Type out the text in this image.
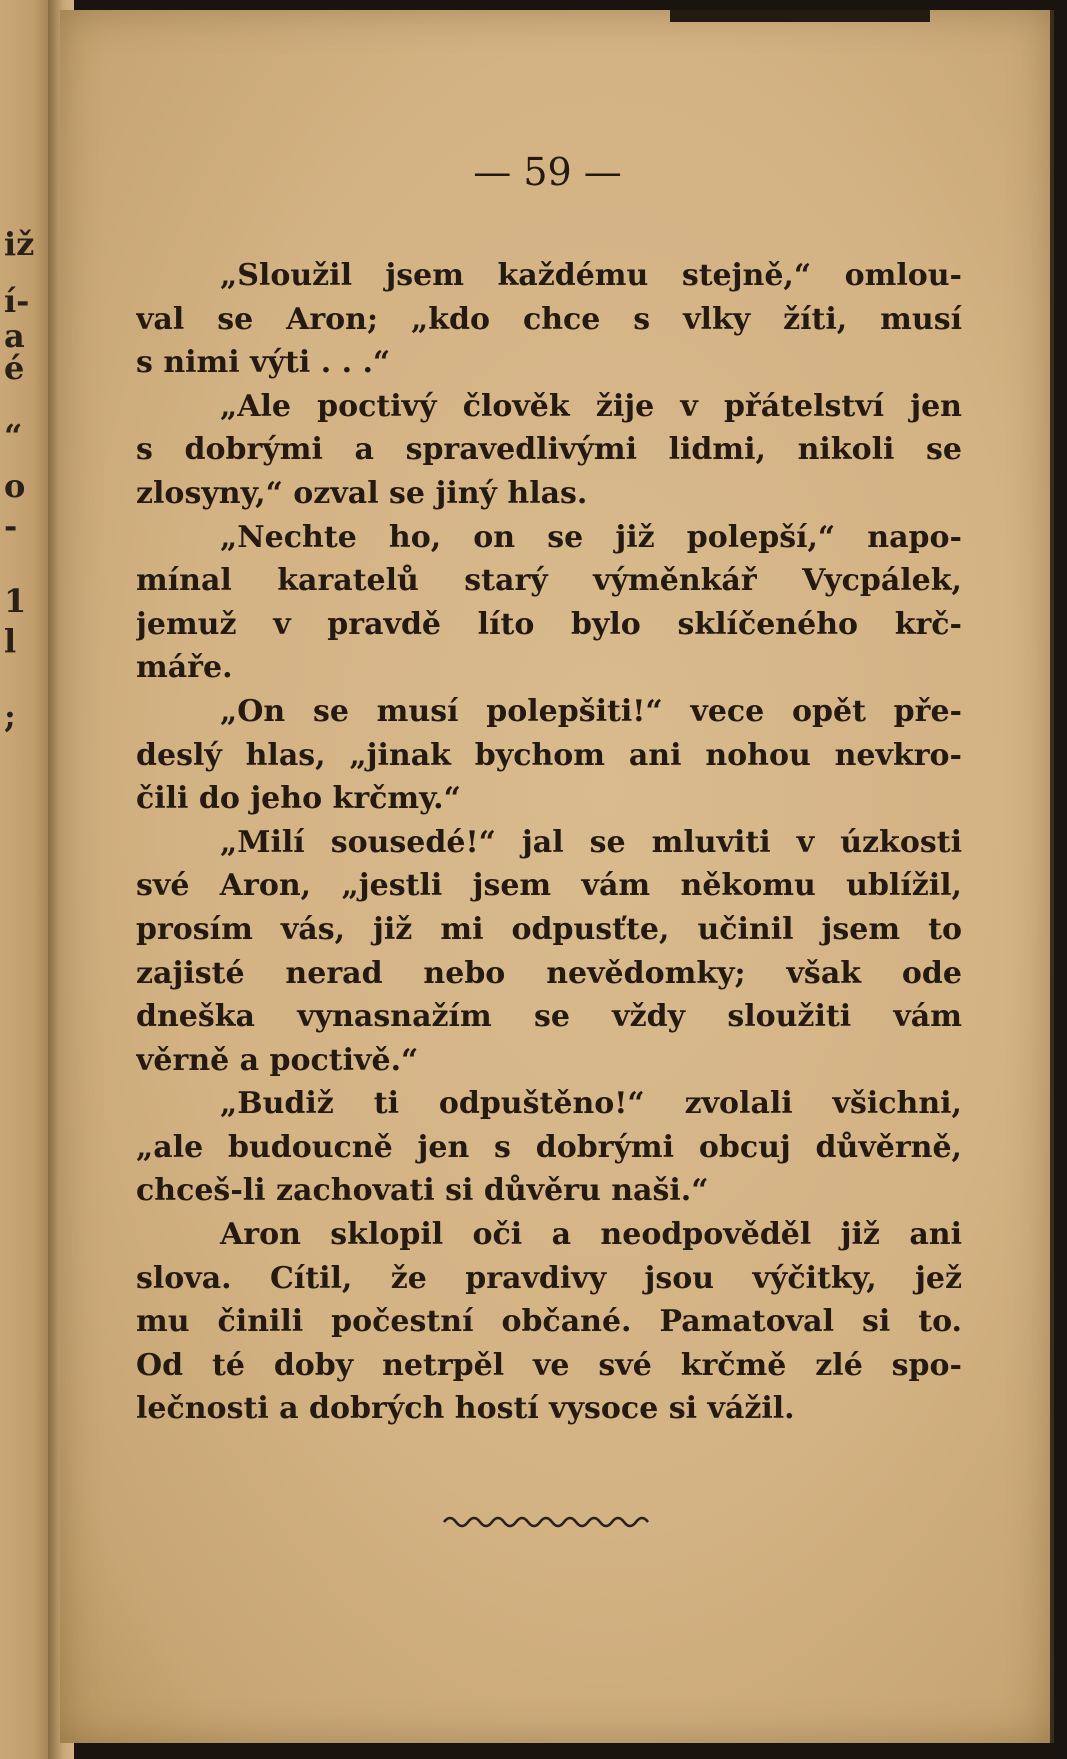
iž
í-
a
é
“
o
-
1
l
;
— 59 —
„Sloužil jsem každému stejně,“ omlou-
val se Aron; „kdo chce s vlky žíti, musí
s nimi výti . . .“
„Ale poctivý člověk žije v přátelství jen
s dobrými a spravedlivými lidmi, nikoli se
zlosyny,“ ozval se jiný hlas.
„Nechte ho, on se již polepší,“ napo-
mínal karatelů starý výměnkář Vycpálek,
jemuž v pravdě líto bylo sklíčeného krč-
máře.
„On se musí polepšiti!“ vece opět pře-
deslý hlas, „jinak bychom ani nohou nevkro-
čili do jeho krčmy.“
„Milí sousedé!“ jal se mluviti v úzkosti
své Aron, „jestli jsem vám někomu ublížil,
prosím vás, již mi odpusťte, učinil jsem to
zajisté nerad nebo nevědomky; však ode
dneška vynasnažím se vždy sloužiti vám
věrně a poctivě.“
„Budiž ti odpuštěno!“ zvolali všichni,
„ale budoucně jen s dobrými obcuj důvěrně,
chceš-li zachovati si důvěru naši.“
Aron sklopil oči a neodpověděl již ani
slova. Cítil, že pravdivy jsou výčitky, jež
mu činili počestní občané. Pamatoval si to.
Od té doby netrpěl ve své krčmě zlé spo-
lečnosti a dobrých hostí vysoce si vážil.
